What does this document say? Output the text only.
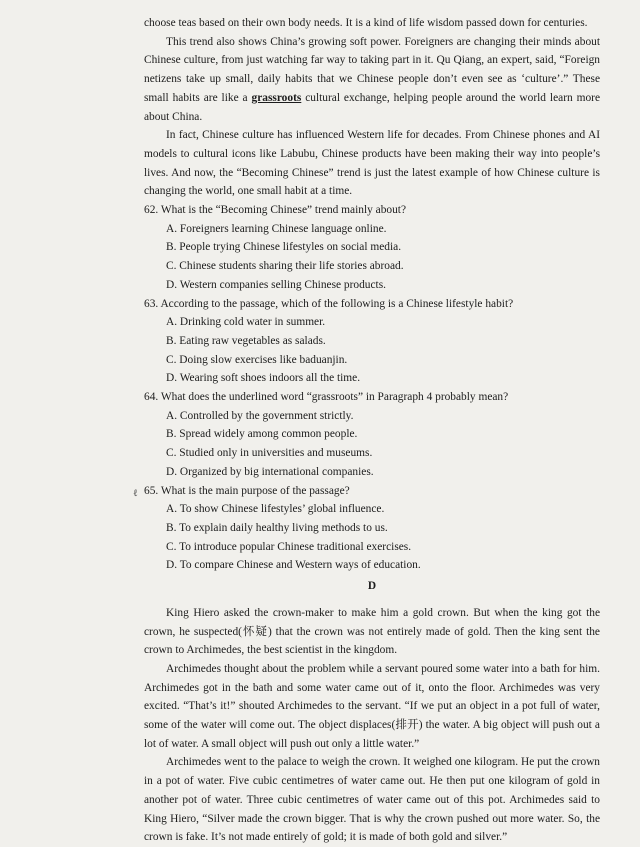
choose teas based on their own body needs. It is a kind of life wisdom passed down for centuries.

This trend also shows China’s growing soft power. Foreigners are changing their minds about Chinese culture, from just watching far way to taking part in it. Qu Qiang, an expert, said, “Foreign netizens take up small, daily habits that we Chinese people don’t even see as ‘culture’.” These small habits are like a grassroots cultural exchange, helping people around the world learn more about China.

In fact, Chinese culture has influenced Western life for decades. From Chinese phones and AI models to cultural icons like Labubu, Chinese products have been making their way into people’s lives. And now, the “Becoming Chinese” trend is just the latest example of how Chinese culture is changing the world, one small habit at a time.

62. What is the “Becoming Chinese” trend mainly about?

A. Foreigners learning Chinese language online.

B. People trying Chinese lifestyles on social media.

C. Chinese students sharing their life stories abroad.

D. Western companies selling Chinese products.

63. According to the passage, which of the following is a Chinese lifestyle habit?

A. Drinking cold water in summer.

B. Eating raw vegetables as salads.

C. Doing slow exercises like baduanjin.

D. Wearing soft shoes indoors all the time.

64. What does the underlined word “grassroots” in Paragraph 4 probably mean?

A. Controlled by the government strictly.

B. Spread widely among common people.

C. Studied only in universities and museums.

D. Organized by big international companies.

65. What is the main purpose of the passage?

A. To show Chinese lifestyles’ global influence.

B. To explain daily healthy living methods to us.

C. To introduce popular Chinese traditional exercises.

D. To compare Chinese and Western ways of education.

D

King Hiero asked the crown-maker to make him a gold crown. But when the king got the crown, he suspected(怀疑) that the crown was not entirely made of gold. Then the king sent the crown to Archimedes, the best scientist in the kingdom.

Archimedes thought about the problem while a servant poured some water into a bath for him. Archimedes got in the bath and some water came out of it, onto the floor. Archimedes was very excited. “That’s it!” shouted Archimedes to the servant. “If we put an object in a pot full of water, some of the water will come out. The object displaces(排开) the water. A big object will push out a lot of water. A small object will push out only a little water.”

Archimedes went to the palace to weigh the crown. It weighed one kilogram. He put the crown in a pot of water. Five cubic centimetres of water came out. He then put one kilogram of gold in another pot of water. Three cubic centimetres of water came out of this pot. Archimedes said to King Hiero, “Silver made the crown bigger. That is why the crown pushed out more water. So, the crown is fake. It’s not made entirely of gold; it is made of both gold and silver.”

ℓ
